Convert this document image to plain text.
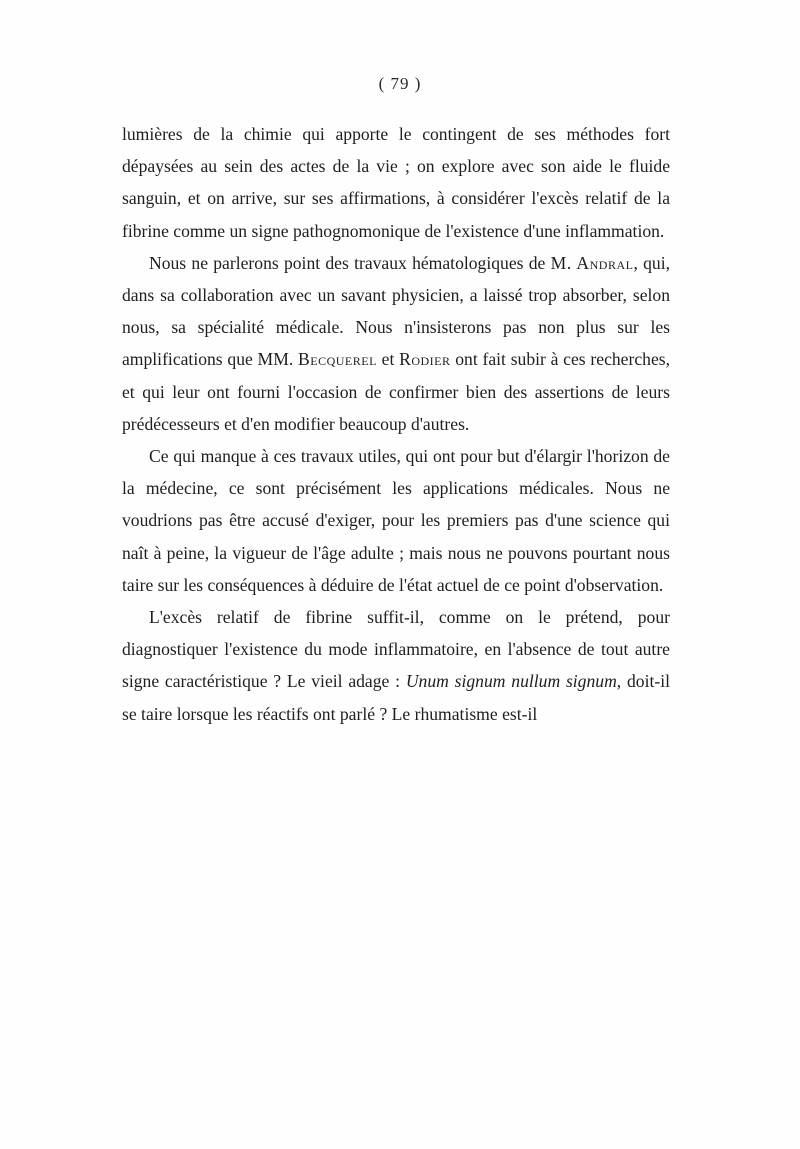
( 79 )

lumières de la chimie qui apporte le contingent de ses méthodes fort dépaysées au sein des actes de la vie ; on explore avec son aide le fluide sanguin, et on arrive, sur ses affirmations, à considérer l'excès relatif de la fibrine comme un signe pathognomonique de l'existence d'une inflammation.

Nous ne parlerons point des travaux hématologiques de M. Andral, qui, dans sa collaboration avec un savant physicien, a laissé trop absorber, selon nous, sa spécialité médicale. Nous n'insisterons pas non plus sur les amplifications que MM. Becquerel et Rodier ont fait subir à ces recherches, et qui leur ont fourni l'occasion de confirmer bien des assertions de leurs prédécesseurs et d'en modifier beaucoup d'autres.

Ce qui manque à ces travaux utiles, qui ont pour but d'élargir l'horizon de la médecine, ce sont précisément les applications médicales. Nous ne voudrions pas être accusé d'exiger, pour les premiers pas d'une science qui naît à peine, la vigueur de l'âge adulte ; mais nous ne pouvons pourtant nous taire sur les conséquences à déduire de l'état actuel de ce point d'observation.

L'excès relatif de fibrine suffit-il, comme on le prétend, pour diagnostiquer l'existence du mode inflammatoire, en l'absence de tout autre signe caractéristique ? Le vieil adage : Unum signum nullum signum, doit-il se taire lorsque les réactifs ont parlé ? Le rhumatisme est-il
